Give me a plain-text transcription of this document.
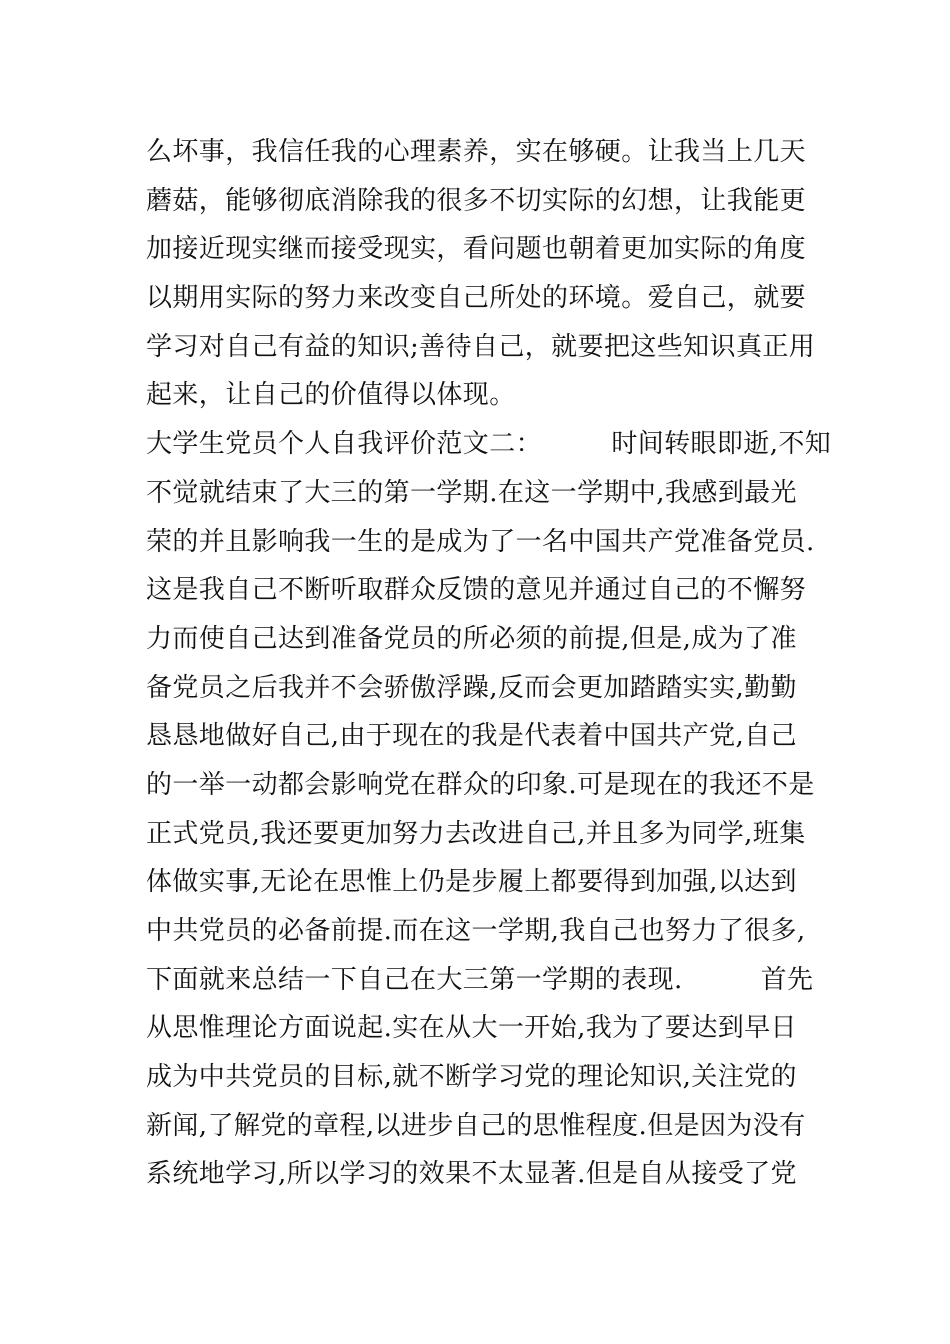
么坏事，我信任我的心理素养，实在够硬。让我当上几天
蘑菇，能够彻底消除我的很多不切实际的幻想，让我能更
加接近现实继而接受现实，看问题也朝着更加实际的角度
以期用实际的努力来改变自己所处的环境。爱自己，就要
学习对自己有益的知识;善待自己，就要把这些知识真正用
起来，让自己的价值得以体现。
大学生党员个人自我评价范文二：        时间转眼即逝,不知
不觉就结束了大三的第一学期.在这一学期中,我感到最光
荣的并且影响我一生的是成为了一名中国共产党准备党员.
这是我自己不断听取群众反馈的意见并通过自己的不懈努
力而使自己达到准备党员的所必须的前提,但是,成为了准
备党员之后我并不会骄傲浮躁,反而会更加踏踏实实,勤勤
恳恳地做好自己,由于现在的我是代表着中国共产党,自己
的一举一动都会影响党在群众的印象.可是现在的我还不是
正式党员,我还要更加努力去改进自己,并且多为同学,班集
体做实事,无论在思惟上仍是步履上都要得到加强,以达到
中共党员的必备前提.而在这一学期,我自己也努力了很多,
下面就来总结一下自己在大三第一学期的表现.         首先
从思惟理论方面说起.实在从大一开始,我为了要达到早日
成为中共党员的目标,就不断学习党的理论知识,关注党的
新闻,了解党的章程,以进步自己的思惟程度.但是因为没有
系统地学习,所以学习的效果不太显著.但是自从接受了党
